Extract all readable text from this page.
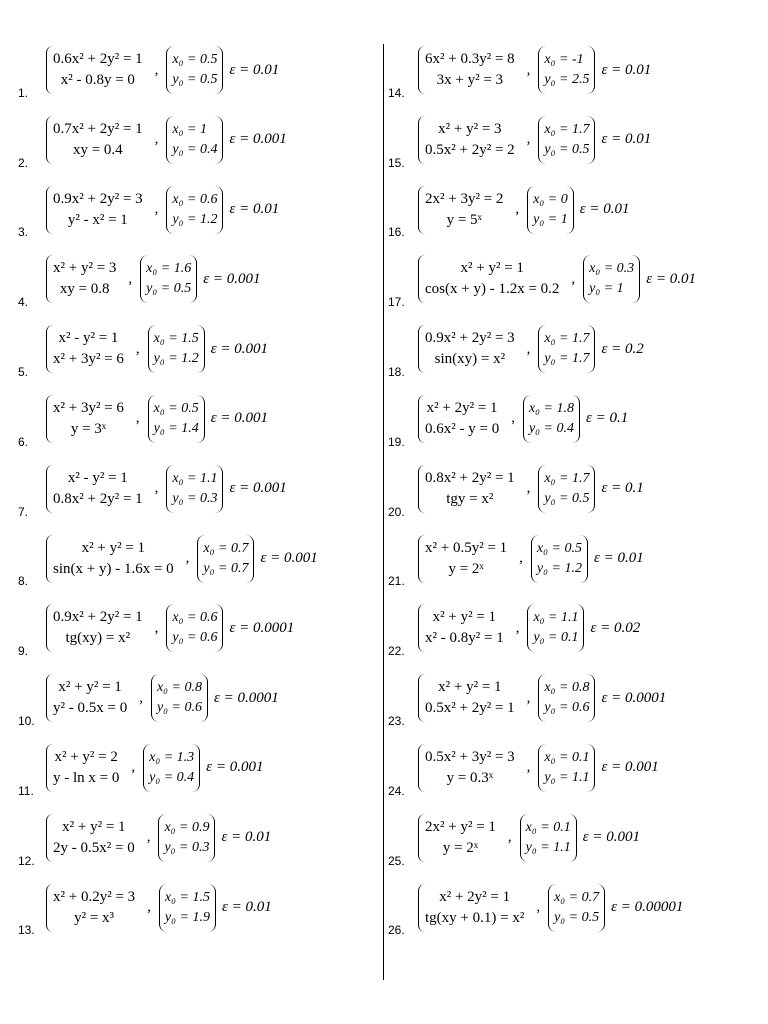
1.
0.6x² + 2y² = 1
x² - 0.8y = 0
,
x₀ = 0.5
y₀ = 0.5
ε = 0.01
2.
0.7x² + 2y² = 1
xy = 0.4
,
x₀ = 1
y₀ = 0.4
ε = 0.001
3.
0.9x² + 2y² = 3
y² - x² = 1
,
x₀ = 0.6
y₀ = 1.2
ε = 0.01
4.
x² + y² = 3
xy = 0.8
,
x₀ = 1.6
y₀ = 0.5
ε = 0.001
5.
x² - y² = 1
x² + 3y² = 6
,
x₀ = 1.5
y₀ = 1.2
ε = 0.001
6.
x² + 3y² = 6
y = 3ˣ
,
x₀ = 0.5
y₀ = 1.4
ε = 0.001
7.
x² - y² = 1
0.8x² + 2y² = 1
,
x₀ = 1.1
y₀ = 0.3
ε = 0.001
8.
x² + y² = 1
sin(x + y) - 1.6x = 0
,
x₀ = 0.7
y₀ = 0.7
ε = 0.001
9.
0.9x² + 2y² = 1
tg(xy) = x²
,
x₀ = 0.6
y₀ = 0.6
ε = 0.0001
10.
x² + y² = 1
y² - 0.5x = 0
,
x₀ = 0.8
y₀ = 0.6
ε = 0.0001
11.
x² + y² = 2
y - ln x = 0
,
x₀ = 1.3
y₀ = 0.4
ε = 0.001
12.
x² + y² = 1
2y - 0.5x² = 0
,
x₀ = 0.9
y₀ = 0.3
ε = 0.01
13.
x² + 0.2y² = 3
y² = x³
,
x₀ = 1.5
y₀ = 1.9
ε = 0.01
14.
6x² + 0.3y² = 8
3x + y² = 3
,
x₀ = -1
y₀ = 2.5
ε = 0.01
15.
x² + y² = 3
0.5x² + 2y² = 2
,
x₀ = 1.7
y₀ = 0.5
ε = 0.01
16.
2x² + 3y² = 2
y = 5ˣ
,
x₀ = 0
y₀ = 1
ε = 0.01
17.
x² + y² = 1
cos(x + y) - 1.2x = 0.2
,
x₀ = 0.3
y₀ = 1
ε = 0.01
18.
0.9x² + 2y² = 3
sin(xy) = x²
,
x₀ = 1.7
y₀ = 1.7
ε = 0.2
19.
x² + 2y² = 1
0.6x² - y = 0
,
x₀ = 1.8
y₀ = 0.4
ε = 0.1
20.
0.8x² + 2y² = 1
tgy = x²
,
x₀ = 1.7
y₀ = 0.5
ε = 0.1
21.
x² + 0.5y² = 1
y = 2ˣ
,
x₀ = 0.5
y₀ = 1.2
ε = 0.01
22.
x² + y² = 1
x² - 0.8y² = 1
,
x₀ = 1.1
y₀ = 0.1
ε = 0.02
23.
x² + y² = 1
0.5x² + 2y² = 1
,
x₀ = 0.8
y₀ = 0.6
ε = 0.0001
24.
0.5x² + 3y² = 3
y = 0.3ˣ
,
x₀ = 0.1
y₀ = 1.1
ε = 0.001
25.
2x² + y² = 1
y = 2ˣ
,
x₀ = 0.1
y₀ = 1.1
ε = 0.001
26.
x² + 2y² = 1
tg(xy + 0.1) = x²
,
x₀ = 0.7
y₀ = 0.5
ε = 0.00001
